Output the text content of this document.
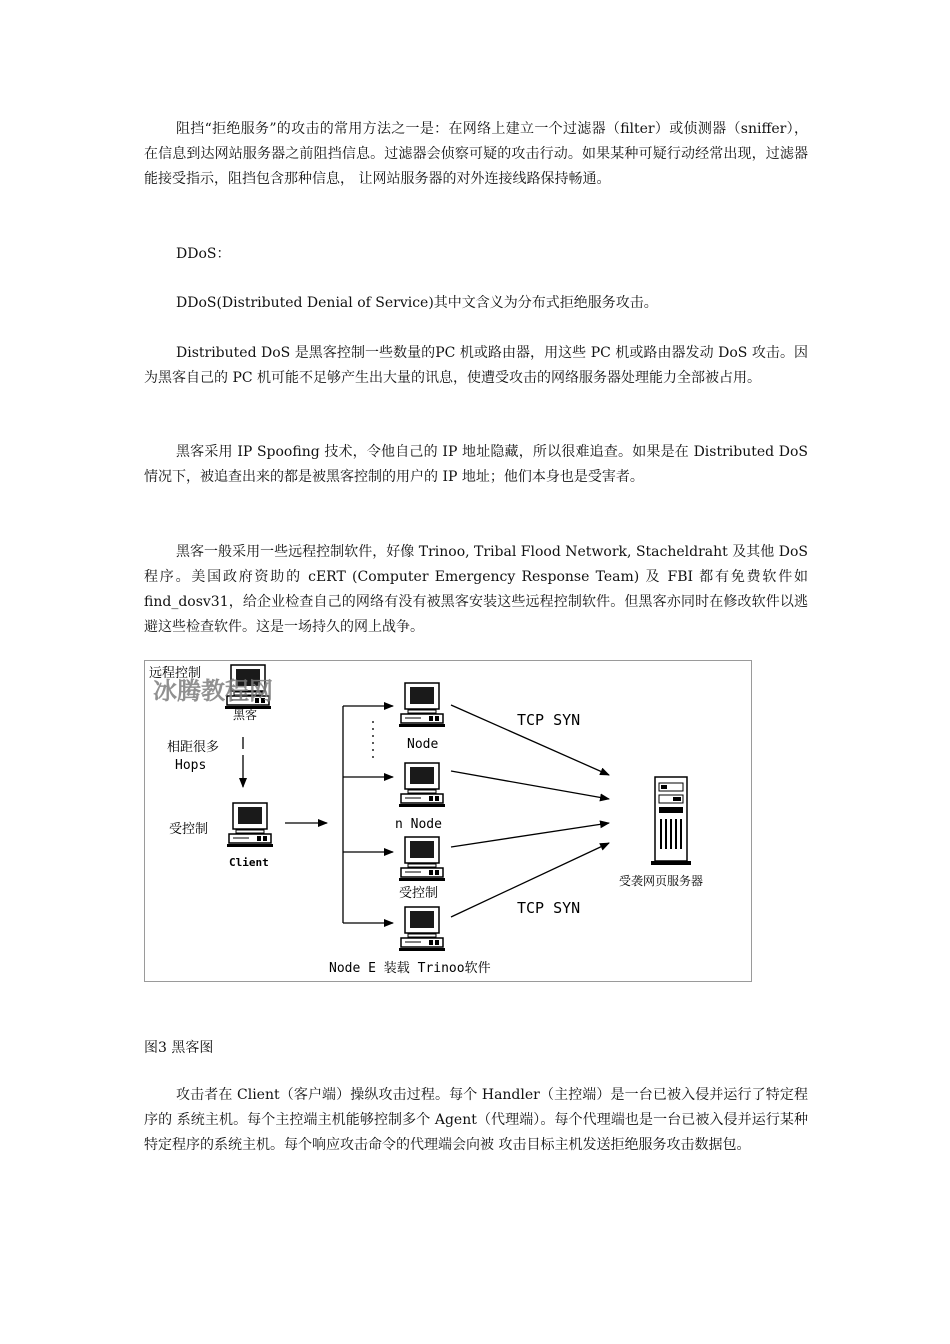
阻挡“拒绝服务”的攻击的常用方法之一是：在网络上建立一个过滤器（filter）或侦测器（sniffer），在信息到达网站服务器之前阻挡信息。过滤器会侦察可疑的攻击行动。如果某种可疑行动经常出现，过滤器能接受指示，阻挡包含那种信息， 让网站服务器的对外连接线路保持畅通。

DDoS：

DDoS(Distributed Denial of Service)其中文含义为分布式拒绝服务攻击。

Distributed DoS 是黑客控制一些数量的PC 机或路由器，用这些 PC 机或路由器发动 DoS 攻击。因为黑客自己的 PC 机可能不足够产生出大量的讯息，使遭受攻击的网络服务器处理能力全部被占用。

黑客采用 IP Spoofing 技术，令他自己的 IP 地址隐藏，所以很难追查。如果是在 Distributed DoS 情况下，被追查出来的都是被黑客控制的用户的 IP 地址；他们本身也是受害者。

黑客一般采用一些远程控制软件，好像 Trinoo, Tribal Flood Network, Stacheldraht 及其他 DoS 程序。美国政府资助的 cERT (Computer Emergency Response Team) 及 FBI 都有免费软件如 find_dosv31，给企业检查自己的网络有没有被黑客安装这些远程控制软件。但黑客亦同时在修改软件以逃避这些检查软件。这是一场持久的网上战争。

远程控制
冰腾教程网
黑客
相距很多
Hops
受控制
Client
Node
n Node
受控制
Node E 装载 Trinoo软件
TCP SYN
TCP SYN
受袭网页服务器

图3 黑客图

攻击者在 Client（客户端）操纵攻击过程。每个 Handler（主控端）是一台已被入侵并运行了特定程序的 系统主机。每个主控端主机能够控制多个 Agent（代理端）。每个代理端也是一台已被入侵并运行某种特定程序的系统主机。每个响应攻击命令的代理端会向被 攻击目标主机发送拒绝服务攻击数据包。
